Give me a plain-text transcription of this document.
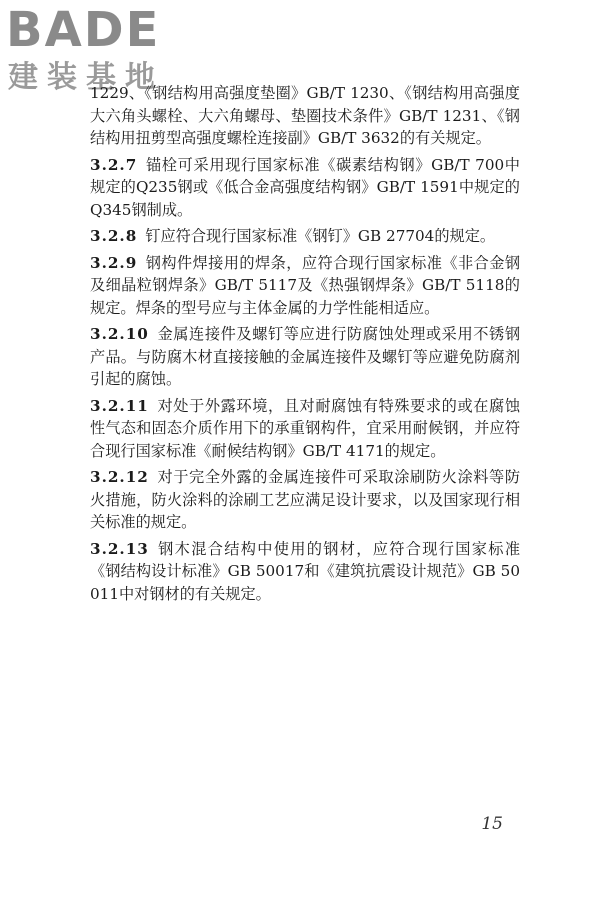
BADE
建装基地

1229、《钢结构用高强度垫圈》GB/T 1230、《钢结构用高强度大六角头螺栓、大六角螺母、垫圈技术条件》GB/T 1231、《钢结构用扭剪型高强度螺栓连接副》GB/T 3632的有关规定。

3.2.7 锚栓可采用现行国家标准《碳素结构钢》GB/T 700中规定的Q235钢或《低合金高强度结构钢》GB/T 1591中规定的Q345钢制成。

3.2.8 钉应符合现行国家标准《钢钉》GB 27704的规定。

3.2.9 钢构件焊接用的焊条，应符合现行国家标准《非合金钢及细晶粒钢焊条》GB/T 5117及《热强钢焊条》GB/T 5118的规定。焊条的型号应与主体金属的力学性能相适应。

3.2.10 金属连接件及螺钉等应进行防腐蚀处理或采用不锈钢产品。与防腐木材直接接触的金属连接件及螺钉等应避免防腐剂引起的腐蚀。

3.2.11 对处于外露环境，且对耐腐蚀有特殊要求的或在腐蚀性气态和固态介质作用下的承重钢构件，宜采用耐候钢，并应符合现行国家标准《耐候结构钢》GB/T 4171的规定。

3.2.12 对于完全外露的金属连接件可采取涂刷防火涂料等防火措施，防火涂料的涂刷工艺应满足设计要求，以及国家现行相关标准的规定。

3.2.13 钢木混合结构中使用的钢材，应符合现行国家标准《钢结构设计标准》GB 50017和《建筑抗震设计规范》GB 50011中对钢材的有关规定。

15
